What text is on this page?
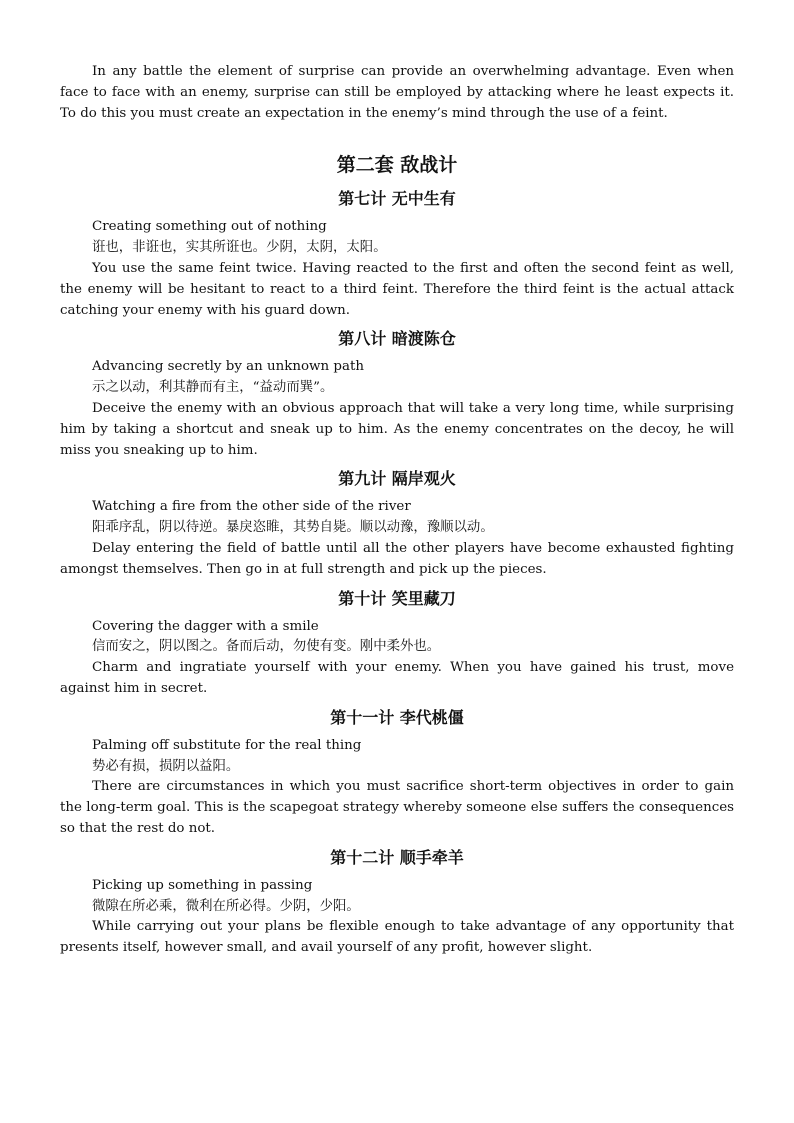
In any battle the element of surprise can provide an overwhelming advantage. Even when face to face with an enemy, surprise can still be employed by attacking where he least expects it. To do this you must create an expectation in the enemy’s mind through the use of a feint.

第二套 敌战计
第七计 无中生有

Creating something out of nothing

诳也，非诳也，实其所诳也。少阴，太阴，太阳。

You use the same feint twice. Having reacted to the first and often the second feint as well, the enemy will be hesitant to react to a third feint. Therefore the third feint is the actual attack catching your enemy with his guard down.

第八计 暗渡陈仓

Advancing secretly by an unknown path

示之以动，利其静而有主，“益动而巽”。

Deceive the enemy with an obvious approach that will take a very long time, while surprising him by taking a shortcut and sneak up to him. As the enemy concentrates on the decoy, he will miss you sneaking up to him.

第九计 隔岸观火

Watching a fire from the other side of the river

阳乖序乱，阴以待逆。暴戾恣睢，其势自毙。顺以动豫，豫顺以动。

Delay entering the field of battle until all the other players have become exhausted fighting amongst themselves. Then go in at full strength and pick up the pieces.

第十计 笑里藏刀

Covering the dagger with a smile

信而安之，阴以图之。备而后动，勿使有变。刚中柔外也。

Charm and ingratiate yourself with your enemy. When you have gained his trust, move against him in secret.

第十一计 李代桃僵

Palming off substitute for the real thing

势必有损，损阴以益阳。

There are circumstances in which you must sacrifice short-term objectives in order to gain the long-term goal. This is the scapegoat strategy whereby someone else suffers the consequences so that the rest do not.

第十二计 顺手牵羊

Picking up something in passing

微隙在所必乘，微利在所必得。少阴，少阳。

While carrying out your plans be flexible enough to take advantage of any opportunity that presents itself, however small, and avail yourself of any profit, however slight.
